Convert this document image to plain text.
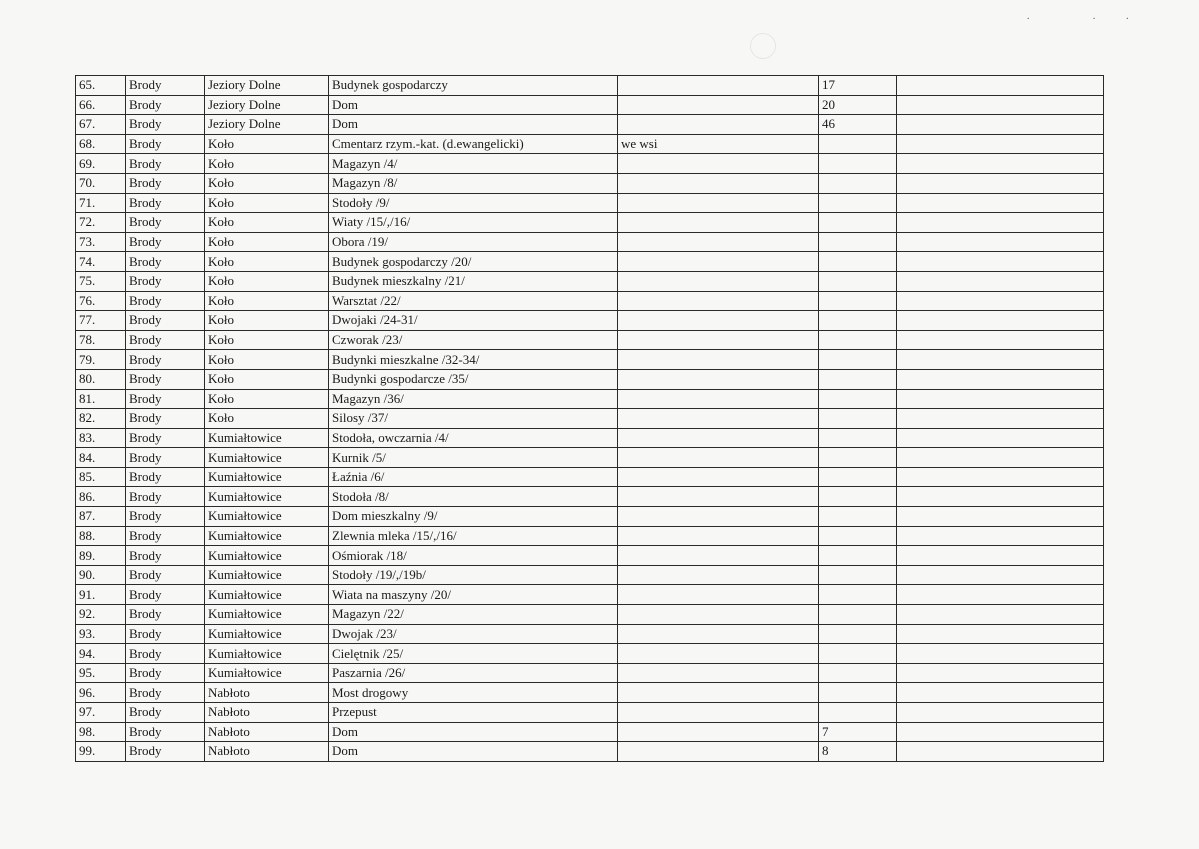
· ··
65.	Brody	Jeziory Dolne	Budynek gospodarczy		17	
66.	Brody	Jeziory Dolne	Dom		20	
67.	Brody	Jeziory Dolne	Dom		46	
68.	Brody	Koło	Cmentarz rzym.-kat. (d.ewangelicki)	we wsi		
69.	Brody	Koło	Magazyn /4/			
70.	Brody	Koło	Magazyn /8/			
71.	Brody	Koło	Stodoły /9/			
72.	Brody	Koło	Wiaty /15/,/16/			
73.	Brody	Koło	Obora /19/			
74.	Brody	Koło	Budynek gospodarczy /20/			
75.	Brody	Koło	Budynek mieszkalny /21/			
76.	Brody	Koło	Warsztat /22/			
77.	Brody	Koło	Dwojaki /24-31/			
78.	Brody	Koło	Czworak /23/			
79.	Brody	Koło	Budynki mieszkalne /32-34/			
80.	Brody	Koło	Budynki gospodarcze /35/			
81.	Brody	Koło	Magazyn /36/			
82.	Brody	Koło	Silosy /37/			
83.	Brody	Kumiałtowice	Stodoła, owczarnia /4/			
84.	Brody	Kumiałtowice	Kurnik /5/			
85.	Brody	Kumiałtowice	Łaźnia /6/			
86.	Brody	Kumiałtowice	Stodoła /8/			
87.	Brody	Kumiałtowice	Dom mieszkalny /9/			
88.	Brody	Kumiałtowice	Zlewnia mleka /15/,/16/			
89.	Brody	Kumiałtowice	Ośmiorak /18/			
90.	Brody	Kumiałtowice	Stodoły /19/,/19b/			
91.	Brody	Kumiałtowice	Wiata na maszyny /20/			
92.	Brody	Kumiałtowice	Magazyn /22/			
93.	Brody	Kumiałtowice	Dwojak /23/			
94.	Brody	Kumiałtowice	Cielętnik /25/			
95.	Brody	Kumiałtowice	Paszarnia /26/			
96.	Brody	Nabłoto	Most drogowy			
97.	Brody	Nabłoto	Przepust			
98.	Brody	Nabłoto	Dom		7	
99.	Brody	Nabłoto	Dom		8	
